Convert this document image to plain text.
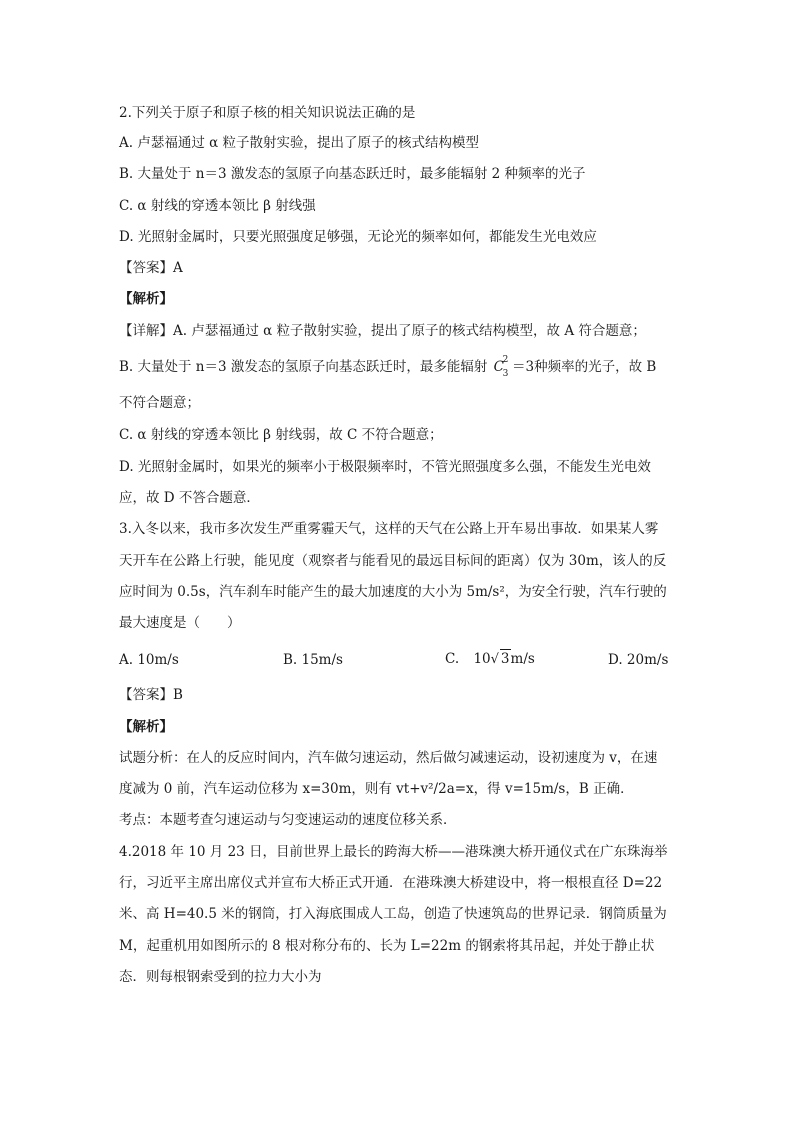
2.下列关于原子和原子核的相关知识说法正确的是
A. 卢瑟福通过 α 粒子散射实验，提出了原子的核式结构模型
B. 大量处于 n＝3 激发态的氢原子向基态跃迁时，最多能辐射 2 种频率的光子
C. α 射线的穿透本领比 β 射线强
D. 光照射金属时，只要光照强度足够强，无论光的频率如何，都能发生光电效应
【答案】A
【解析】
【详解】A. 卢瑟福通过 α 粒子散射实验，提出了原子的核式结构模型，故 A 符合题意；
B. 大量处于 n＝3 激发态的氢原子向基态跃迁时，最多能辐射 C
2
3 ＝3种频率的光子，故 B
不符合题意；
C. α 射线的穿透本领比 β 射线弱，故 C 不符合题意；
D. 光照射金属时，如果光的频率小于极限频率时，不管光照强度多么强，不能发生光电效
应，故 D 不答合题意．
3.入冬以来，我市多次发生严重雾霾天气，这样的天气在公路上开车易出事故．如果某人雾
天开车在公路上行驶，能见度（观察者与能看见的最远目标间的距离）仅为 30m，该人的反
应时间为 0.5s，汽车刹车时能产生的最大加速度的大小为 5m/s²，为安全行驶，汽车行驶的
最大速度是（　　）
A. 10m/s	B. 15m/s	C. 10√ 3m/s	D. 20m/s
【答案】B
【解析】
试题分析：在人的反应时间内，汽车做匀速运动，然后做匀减速运动，设初速度为 v，在速
度减为 0 前，汽车运动位移为 x=30m，则有 vt+v²/2a=x，得 v=15m/s，B 正确．
考点：本题考查匀速运动与匀变速运动的速度位移关系．
4.2018 年 10 月 23 日，目前世界上最长的跨海大桥——港珠澳大桥开通仪式在广东珠海举
行，习近平主席出席仪式并宣布大桥正式开通．在港珠澳大桥建设中，将一根根直径 D=22
米、高 H=40.5 米的钢筒，打入海底围成人工岛，创造了快速筑岛的世界记录．钢筒质量为
M，起重机用如图所示的 8 根对称分布的、长为 L=22m 的钢索将其吊起，并处于静止状
态．则每根钢索受到的拉力大小为
